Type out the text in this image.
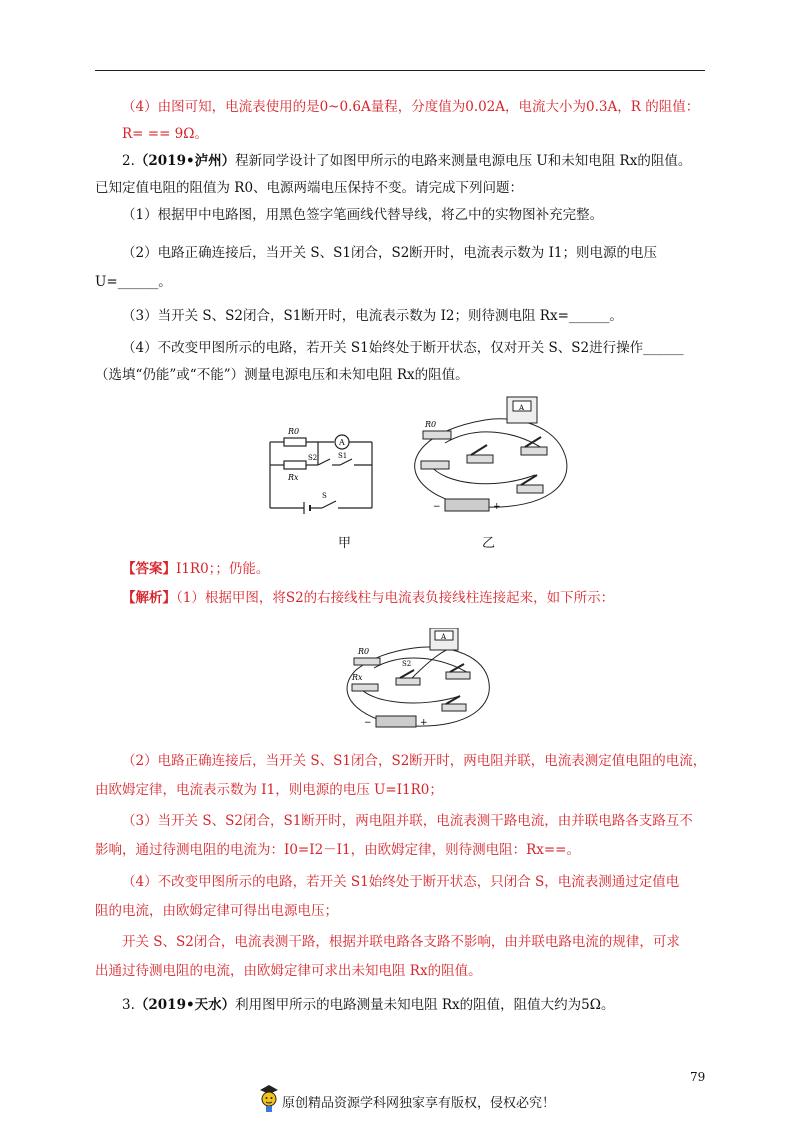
（4）由图可知，电流表使用的是0~0.6A量程，分度值为0.02A，电流大小为0.3A，R 的阻值：

R= == 9Ω。

2.（2019•泸州）程新同学设计了如图甲所示的电路来测量电源电压 U和未知电阻 Rx的阻值。

已知定值电阻的阻值为 R0、电源两端电压保持不变。请完成下列问题：

（1）根据甲中电路图，用黑色签字笔画线代替导线，将乙中的实物图补充完整。

（2）电路正确连接后，当开关 S、S1闭合，S2断开时，电流表示数为 I1；则电源的电压

U=______。

（3）当开关 S、S2闭合，S1断开时，电流表示数为 I2；则待测电阻 Rx=______。

（4）不改变甲图所示的电路，若开关 S1始终处于断开状态，仅对开关 S、S2进行操作______

（选填“仍能”或“不能”）测量电源电压和未知电阻 Rx的阻值。

R0
Rx
A
S2	S1
S
A
R0
−	+
甲	乙

【答案】I1R0；；仍能。

【解析】（1）根据甲图，将S2的右接线柱与电流表负接线柱连接起来，如下所示：

A
R0
Rx
S2
−	+

（2）电路正确连接后，当开关 S、S1闭合，S2断开时，两电阻并联，电流表测定值电阻的电流，

由欧姆定律，电流表示数为 I1，则电源的电压 U=I1R0；

（3）当开关 S、S2闭合，S1断开时，两电阻并联，电流表测干路电流，由并联电路各支路互不

影响，通过待测电阻的电流为：I0=I2－I1，由欧姆定律，则待测电阻：Rx==。

（4）不改变甲图所示的电路，若开关 S1始终处于断开状态，只闭合 S，电流表测通过定值电

阻的电流，由欧姆定律可得出电源电压；

开关 S、S2闭合，电流表测干路，根据并联电路各支路不影响，由并联电路电流的规律，可求

出通过待测电阻的电流，由欧姆定律可求出未知电阻 Rx的阻值。

3.（2019•天水）利用图甲所示的电路测量未知电阻 Rx的阻值，阻值大约为5Ω。

79
原创精品资源学科网独家享有版权，侵权必究！
